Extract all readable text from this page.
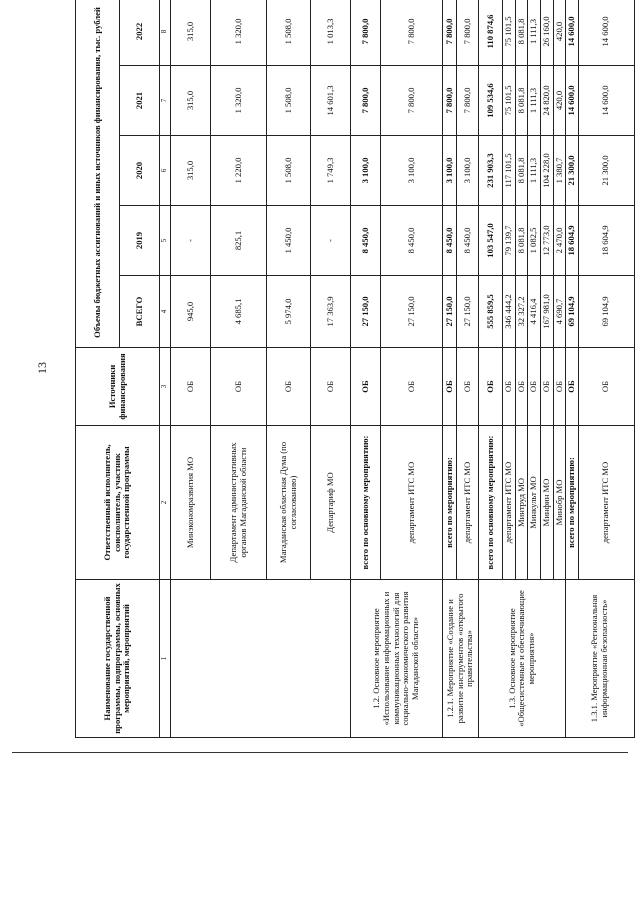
13
Наименование государственной программы, подпрограммы, основных мероприятий, мероприятий	Ответственный исполнитель, соисполнитель, участник государственной программы	Источники финансирования	Объемы бюджетных ассигнований и иных источников финансирования, тыс. рублей				
			ВСЕГО	2019	2020	2021	2022
1	2	3	4	5	6	7	8
	Минэкономразвития МО	ОБ	945,0	-	315,0	315,0	315,0
	Департамент административных органов Магаданской области	ОБ	4 685,1	825,1	1 220,0	1 320,0	1 320,0
	Магаданская областная Дума (по согласованию)	ОБ	5 974,0	1 450,0	1 508,0	1 508,0	1 508,0
	Департариф МО	ОБ	17 363,9	-	1 749,3	14 601,3	1 013,3
1.2. Основное мероприятие «Использование информационных и коммуникационных технологий для социально-экономического развития Магаданской области»	всего по основному мероприятию:	ОБ	27 150,0	8 450,0	3 100,0	7 800,0	7 800,0
	департамент ИТС МО	ОБ	27 150,0	8 450,0	3 100,0	7 800,0	7 800,0
1.2.1. Мероприятие «Создание и развитие инструментов «открытого правительства»	всего по мероприятию:	ОБ	27 150,0	8 450,0	3 100,0	7 800,0	7 800,0
	департамент ИТС МО	ОБ	27 150,0	8 450,0	3 100,0	7 800,0	7 800,0
1.3. Основное мероприятие «Общесистемные и обеспечивающие мероприятия»	всего по основному мероприятию:	ОБ	555 859,5	103 547,0	231 903,3	109 534,6	110 874,6
	департамент ИТС МО	ОБ	346 444,2	79 139,7	117 101,5	75 101,5	75 101,5
	Минтруд МО	ОБ	32 327,2	8 081,8	8 081,8	8 081,8	8 081,8
	Минкульт МО	ОБ	4 416,4	1 082,5	1 111,3	1 111,3	1 111,3
	Минфин МО	ОБ	167 981,0	12 773,0	104 228,0	24 820,0	26 160,0
	Минобр МО	ОБ	4 690,7	2 470,0	1 380,7	420,0	420,0
1.3.1. Мероприятие «Региональная информационная безопасность»	всего по мероприятию:	ОБ	69 104,9	18 604,9	21 300,0	14 600,0	14 600,0
	департамент ИТС МО	ОБ	69 104,9	18 604,9	21 300,0	14 600,0	14 600,0
